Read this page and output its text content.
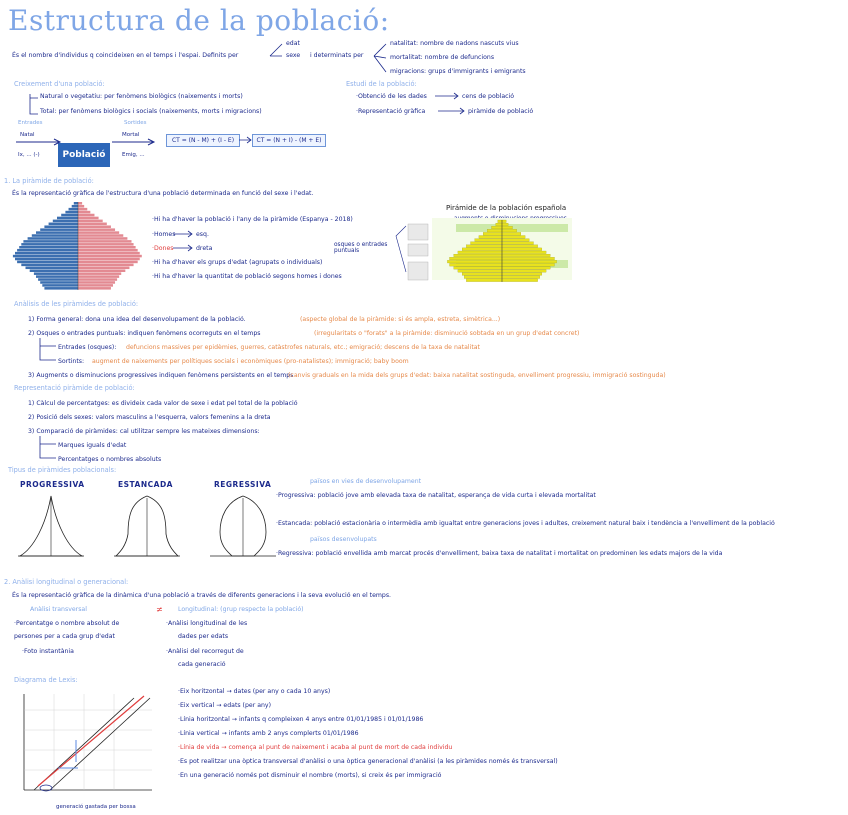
Estructura de la població:
És el nombre d'individus q coincideixen en el temps i l'espai. Definits per
edat
sexe i determinats per
natalitat: nombre de nadons nascuts vius
mortalitat: nombre de defuncions
migracions: grups d'immigrants i emigrants
Creixement d'una població:
Natural o vegetatiu: per fenòmens biològics (naixements i morts)
Total: per fenòmens biològics i socials (naixements, morts i migracions)
Entrades	Sortides
Natal
Ix, ... (-)
Mortal
Emig, ...
Població
CT = (N - M) + (I - E)	CT = (N + I) - (M + E)
Estudi de la població:
·Obtenció de les dades	cens de població
·Representació gràfica	piràmide de població
1. La piràmide de població:
És la representació gràfica de l'estructura d'una població determinada en funció del sexe i l'edat.
·Hi ha d'haver la població i l'any de la piràmide (Espanya - 2018)
·Homes	esq.
·Dones	dreta
·Hi ha d'haver els grups d'edat (agrupats o individuals)
·Hi ha d'haver la quantitat de població segons homes i dones
osques o entrades puntuals
Pirámide de la población española
Anàlisis de les piràmides de població:
1) Forma general: dona una idea del desenvolupament de la població.	(aspecte global de la piràmide: si és ampla, estreta, simètrica...)
2) Osques o entrades puntuals: indiquen fenòmens ocorreguts en el temps	(irregularitats o "forats" a la piràmide: disminució sobtada en un grup d'edat concret)
Entrades (osques): defuncions massives per epidèmies, guerres, catàstrofes naturals, etc.; emigració; descens de la taxa de natalitat
Sortints: augment de naixements per polítiques socials i econòmiques (pro-natalistes); immigració; baby boom
3) Augments o disminucions progressives indiquen fenòmens persistents en el temps
(canvis graduals en la mida dels grups d'edat: baixa natalitat sostinguda, envelliment progressiu, immigració sostinguda)
Representació piràmide de població:
1) Càlcul de percentatges: es divideix cada valor de sexe i edat pel total de la població
2) Posició dels sexes: valors masculins a l'esquerra, valors femenins a la dreta
3) Comparació de piràmides: cal utilitzar sempre les mateixes dimensions:
Marques iguals d'edat
Percentatges o nombres absoluts
Tipus de piràmides poblacionals:
PROGRESSIVA	ESTANCADA	REGRESSIVA	països en vies de desenvolupament
·Progressiva: població jove amb elevada taxa de natalitat, esperança de vida curta i elevada mortalitat
·Estancada: població estacionària o intermèdia amb igualtat entre generacions joves i adultes, creixement natural baix i tendència a l'envelliment de la població
països desenvolupats
·Regressiva: població envellida amb marcat procés d'envelliment, baixa taxa de natalitat i mortalitat on predominen les edats majors de la vida
2. Anàlisi longitudinal o generacional:
És la representació gràfica de la dinàmica d'una població a través de diferents generacions i la seva evolució en el temps.
Anàlisi transversal	≠ Longitudinal: (grup respecte la població)
·Percentatge o nombre absolut de
persones per a cada grup d'edat
·Foto instantània
·Anàlisi longitudinal de les
dades per edats
·Anàlisi del recorregut de
cada generació
Diagrama de Lexis:
generació gastada per bossa
·Eix horitzontal → dates (per any o cada 10 anys)
·Eix vertical → edats (per any)
·Línia horitzontal → infants q compleixen 4 anys entre 01/01/1985 i 01/01/1986
·Línia vertical → infants amb 2 anys complerts 01/01/1986
·Línia de vida → comença al punt de naixement i acaba al punt de mort de cada individu
·Es pot realitzar una òptica transversal d'anàlisi o una òptica generacional d'anàlisi (a les piràmides només és transversal)
·En una generació només pot disminuir el nombre (morts), si creix és per immigració
